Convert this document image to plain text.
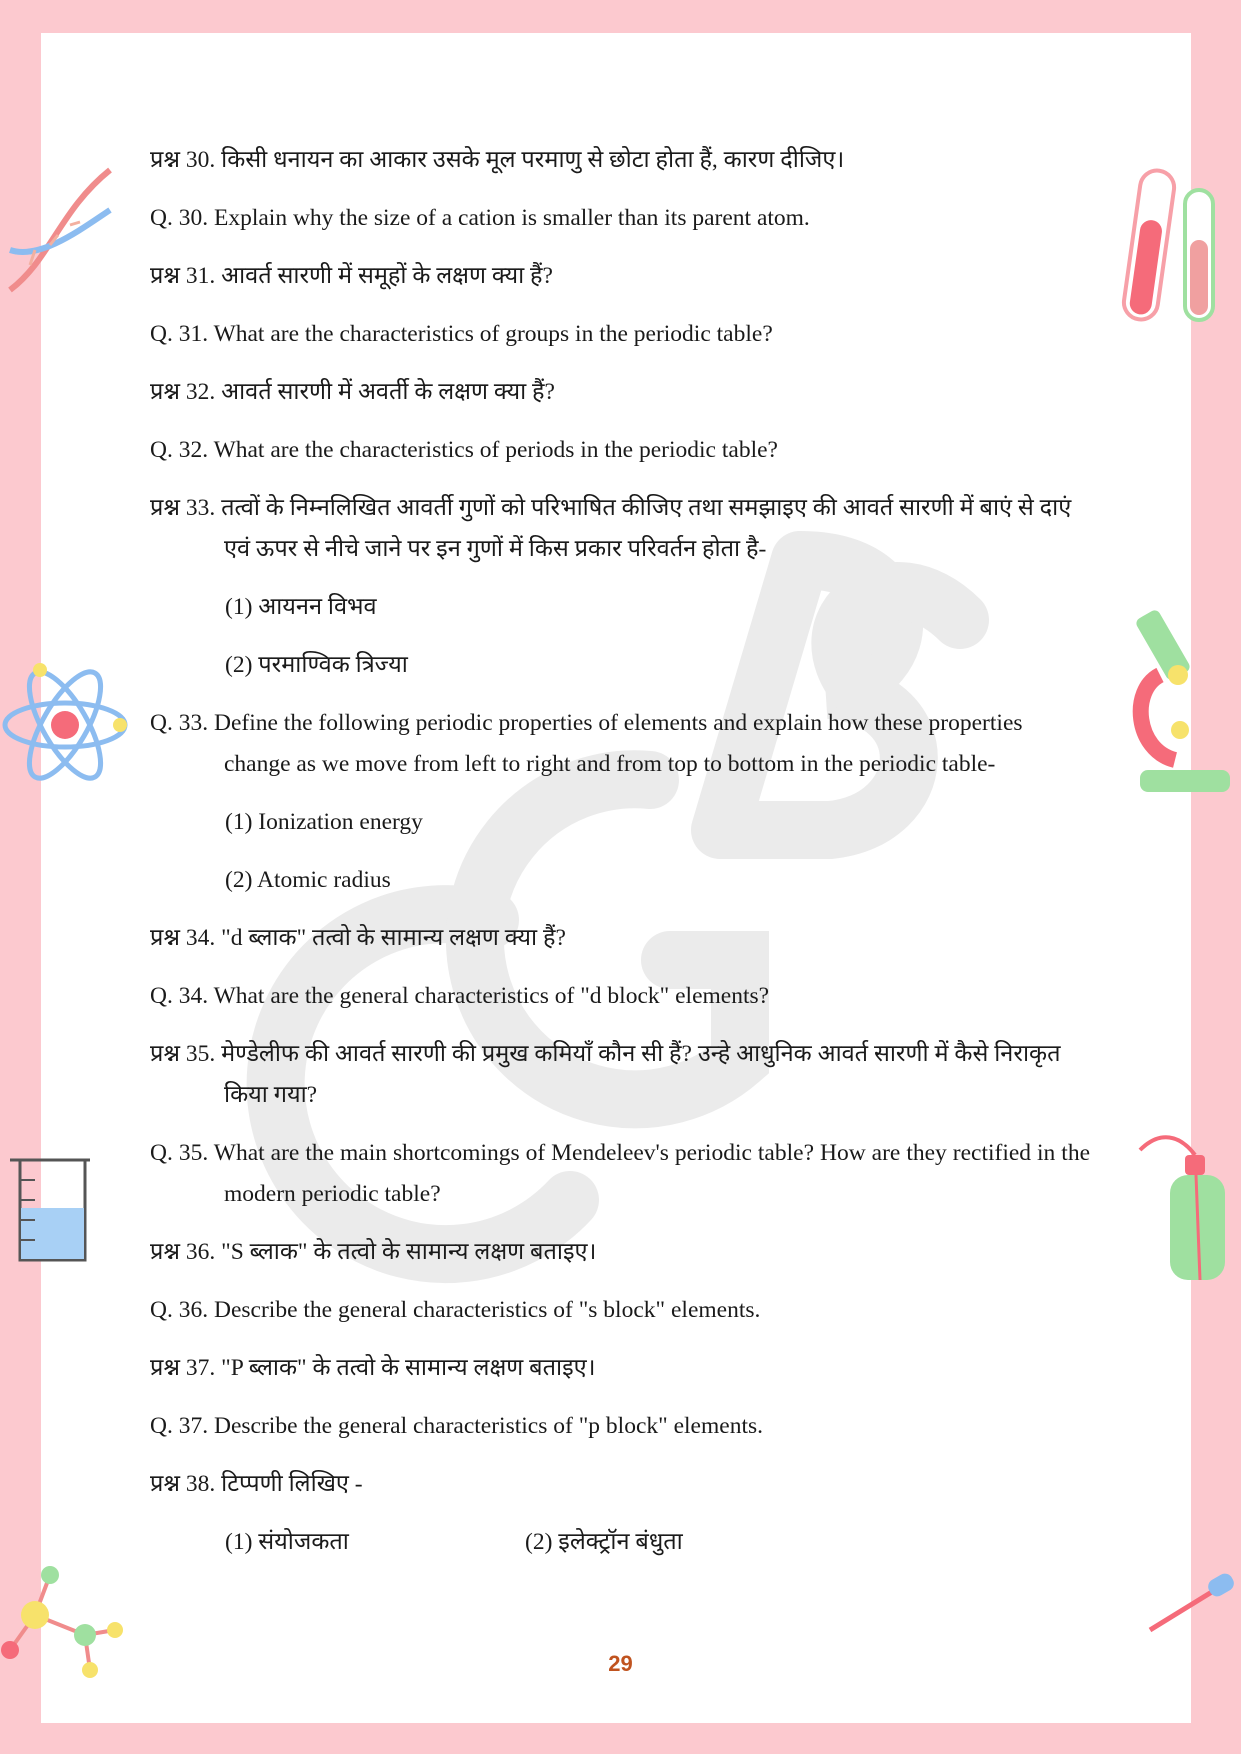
प्रश्न 30. किसी धनायन का आकार उसके मूल परमाणु से छोटा होता हैं, कारण दीजिए।

Q. 30. Explain why the size of a cation is smaller than its parent atom.

प्रश्न 31. आवर्त सारणी में समूहों के लक्षण क्या हैं?

Q. 31. What are the characteristics of groups in the periodic table?

प्रश्न 32. आवर्त सारणी में अवर्ती के लक्षण क्या हैं?

Q. 32. What are the characteristics of periods in the periodic table?

प्रश्न 33. तत्वों के निम्नलिखित आवर्ती गुणों को परिभाषित कीजिए तथा समझाइए की आवर्त सारणी में बाएं से दाएं एवं ऊपर से नीचे जाने पर इन गुणों में किस प्रकार परिवर्तन होता है-

(1) आयनन विभव

(2) परमाण्विक त्रिज्या

Q. 33. Define the following periodic properties of elements and explain how these properties change as we move from left to right and from top to bottom in the periodic table-

(1) Ionization energy

(2) Atomic radius

प्रश्न 34. "d ब्लाक" तत्वो के सामान्य लक्षण क्या हैं?

Q. 34. What are the general characteristics of "d block" elements?

प्रश्न 35. मेण्डेलीफ की आवर्त सारणी की प्रमुख कमियाँ कौन सी हैं? उन्हे आधुनिक आवर्त सारणी में कैसे निराकृत किया गया?

Q. 35. What are the main shortcomings of Mendeleev's periodic table? How are they rectified in the modern periodic table?

प्रश्न 36. "S ब्लाक" के तत्वो के सामान्य लक्षण बताइए।

Q. 36. Describe the general characteristics of "s block" elements.

प्रश्न 37. "P ब्लाक" के तत्वो के सामान्य लक्षण बताइए।

Q. 37. Describe the general characteristics of "p block" elements.

प्रश्न 38. टिप्पणी लिखिए -

(1) संयोजकता	(2) इलेक्ट्रॉन बंधुता

29
